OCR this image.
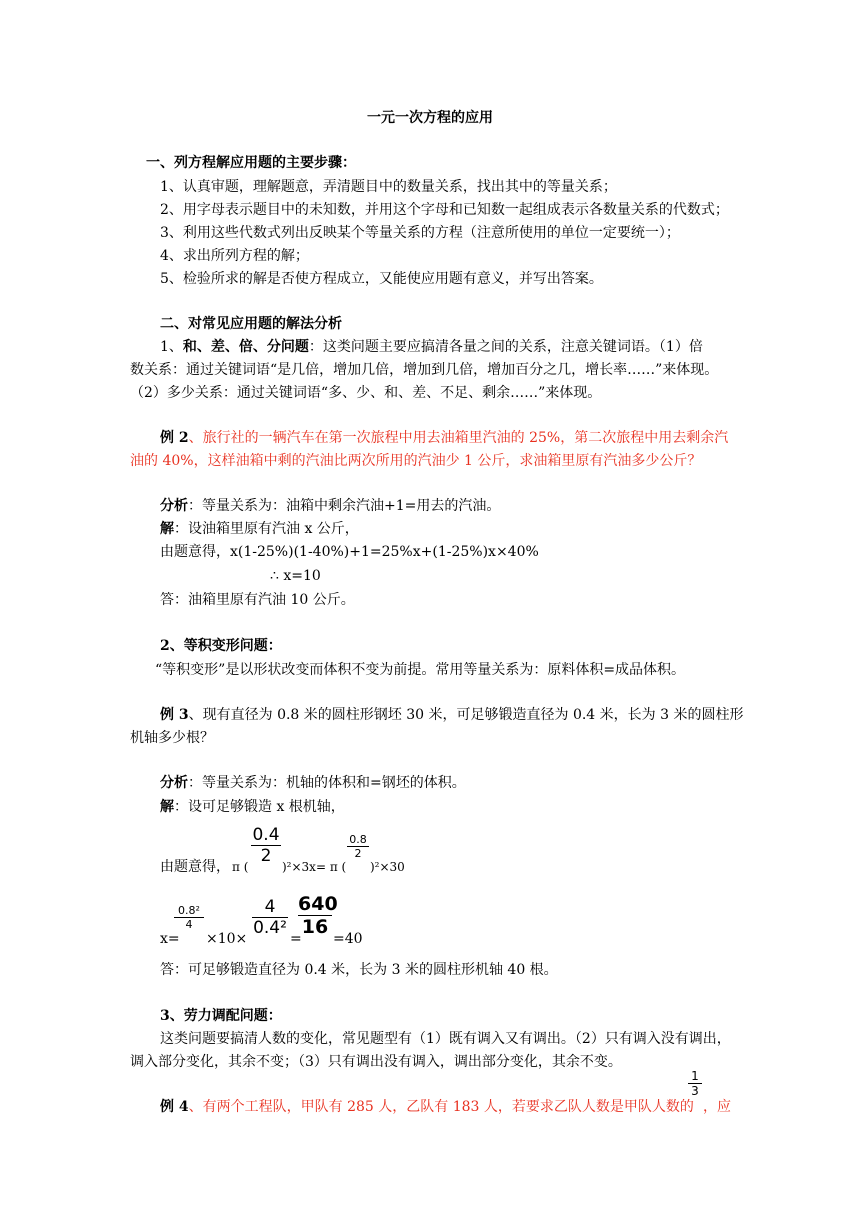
一元一次方程的应用
一、列方程解应用题的主要步骤：
1、认真审题，理解题意，弄清题目中的数量关系，找出其中的等量关系；
2、用字母表示题目中的未知数，并用这个字母和已知数一起组成表示各数量关系的代数式；
3、利用这些代数式列出反映某个等量关系的方程（注意所使用的单位一定要统一）；
4、求出所列方程的解；
5、检验所求的解是否使方程成立，又能使应用题有意义，并写出答案。
二、对常见应用题的解法分析
1、和、差、倍、分问题：这类问题主要应搞清各量之间的关系，注意关键词语。（1）倍
数关系：通过关键词语“是几倍，增加几倍，增加到几倍，增加百分之几，增长率……”来体现。
（2）多少关系：通过关键词语“多、少、和、差、不足、剩余……”来体现。
例 2、旅行社的一辆汽车在第一次旅程中用去油箱里汽油的 25%，第二次旅程中用去剩余汽
油的 40%，这样油箱中剩的汽油比两次所用的汽油少 1 公斤，求油箱里原有汽油多少公斤？
分析：等量关系为：油箱中剩余汽油+1=用去的汽油。
解：设油箱里原有汽油 x 公斤，
由题意得，x(1-25%)(1-40%)+1=25%x+(1-25%)x×40%
∴ x=10
答：油箱里原有汽油 10 公斤。
2、等积变形问题：
“等积变形”是以形状改变而体积不变为前提。常用等量关系为：原料体积=成品体积。
例 3、现有直径为 0.8 米的圆柱形钢坯 30 米，可足够锻造直径为 0.4 米，长为 3 米的圆柱形
机轴多少根？
分析：等量关系为：机轴的体积和=钢坯的体积。
解：设可足够锻造 x 根机轴，
由题意得， π (
0.4
2
)²×3x= π (
0.8
2
)²×30
x=
0.8²
4
×10×
4
0.4²
=
640
16
=40
答：可足够锻造直径为 0.4 米，长为 3 米的圆柱形机轴 40 根。
3、劳力调配问题：
这类问题要搞清人数的变化，常见题型有（1）既有调入又有调出。（2）只有调入没有调出，
调入部分变化，其余不变；（3）只有调出没有调入，调出部分变化，其余不变。
例 4、有两个工程队，甲队有 285 人，乙队有 183 人，若要求乙队人数是甲队人数的
1
3
，应
